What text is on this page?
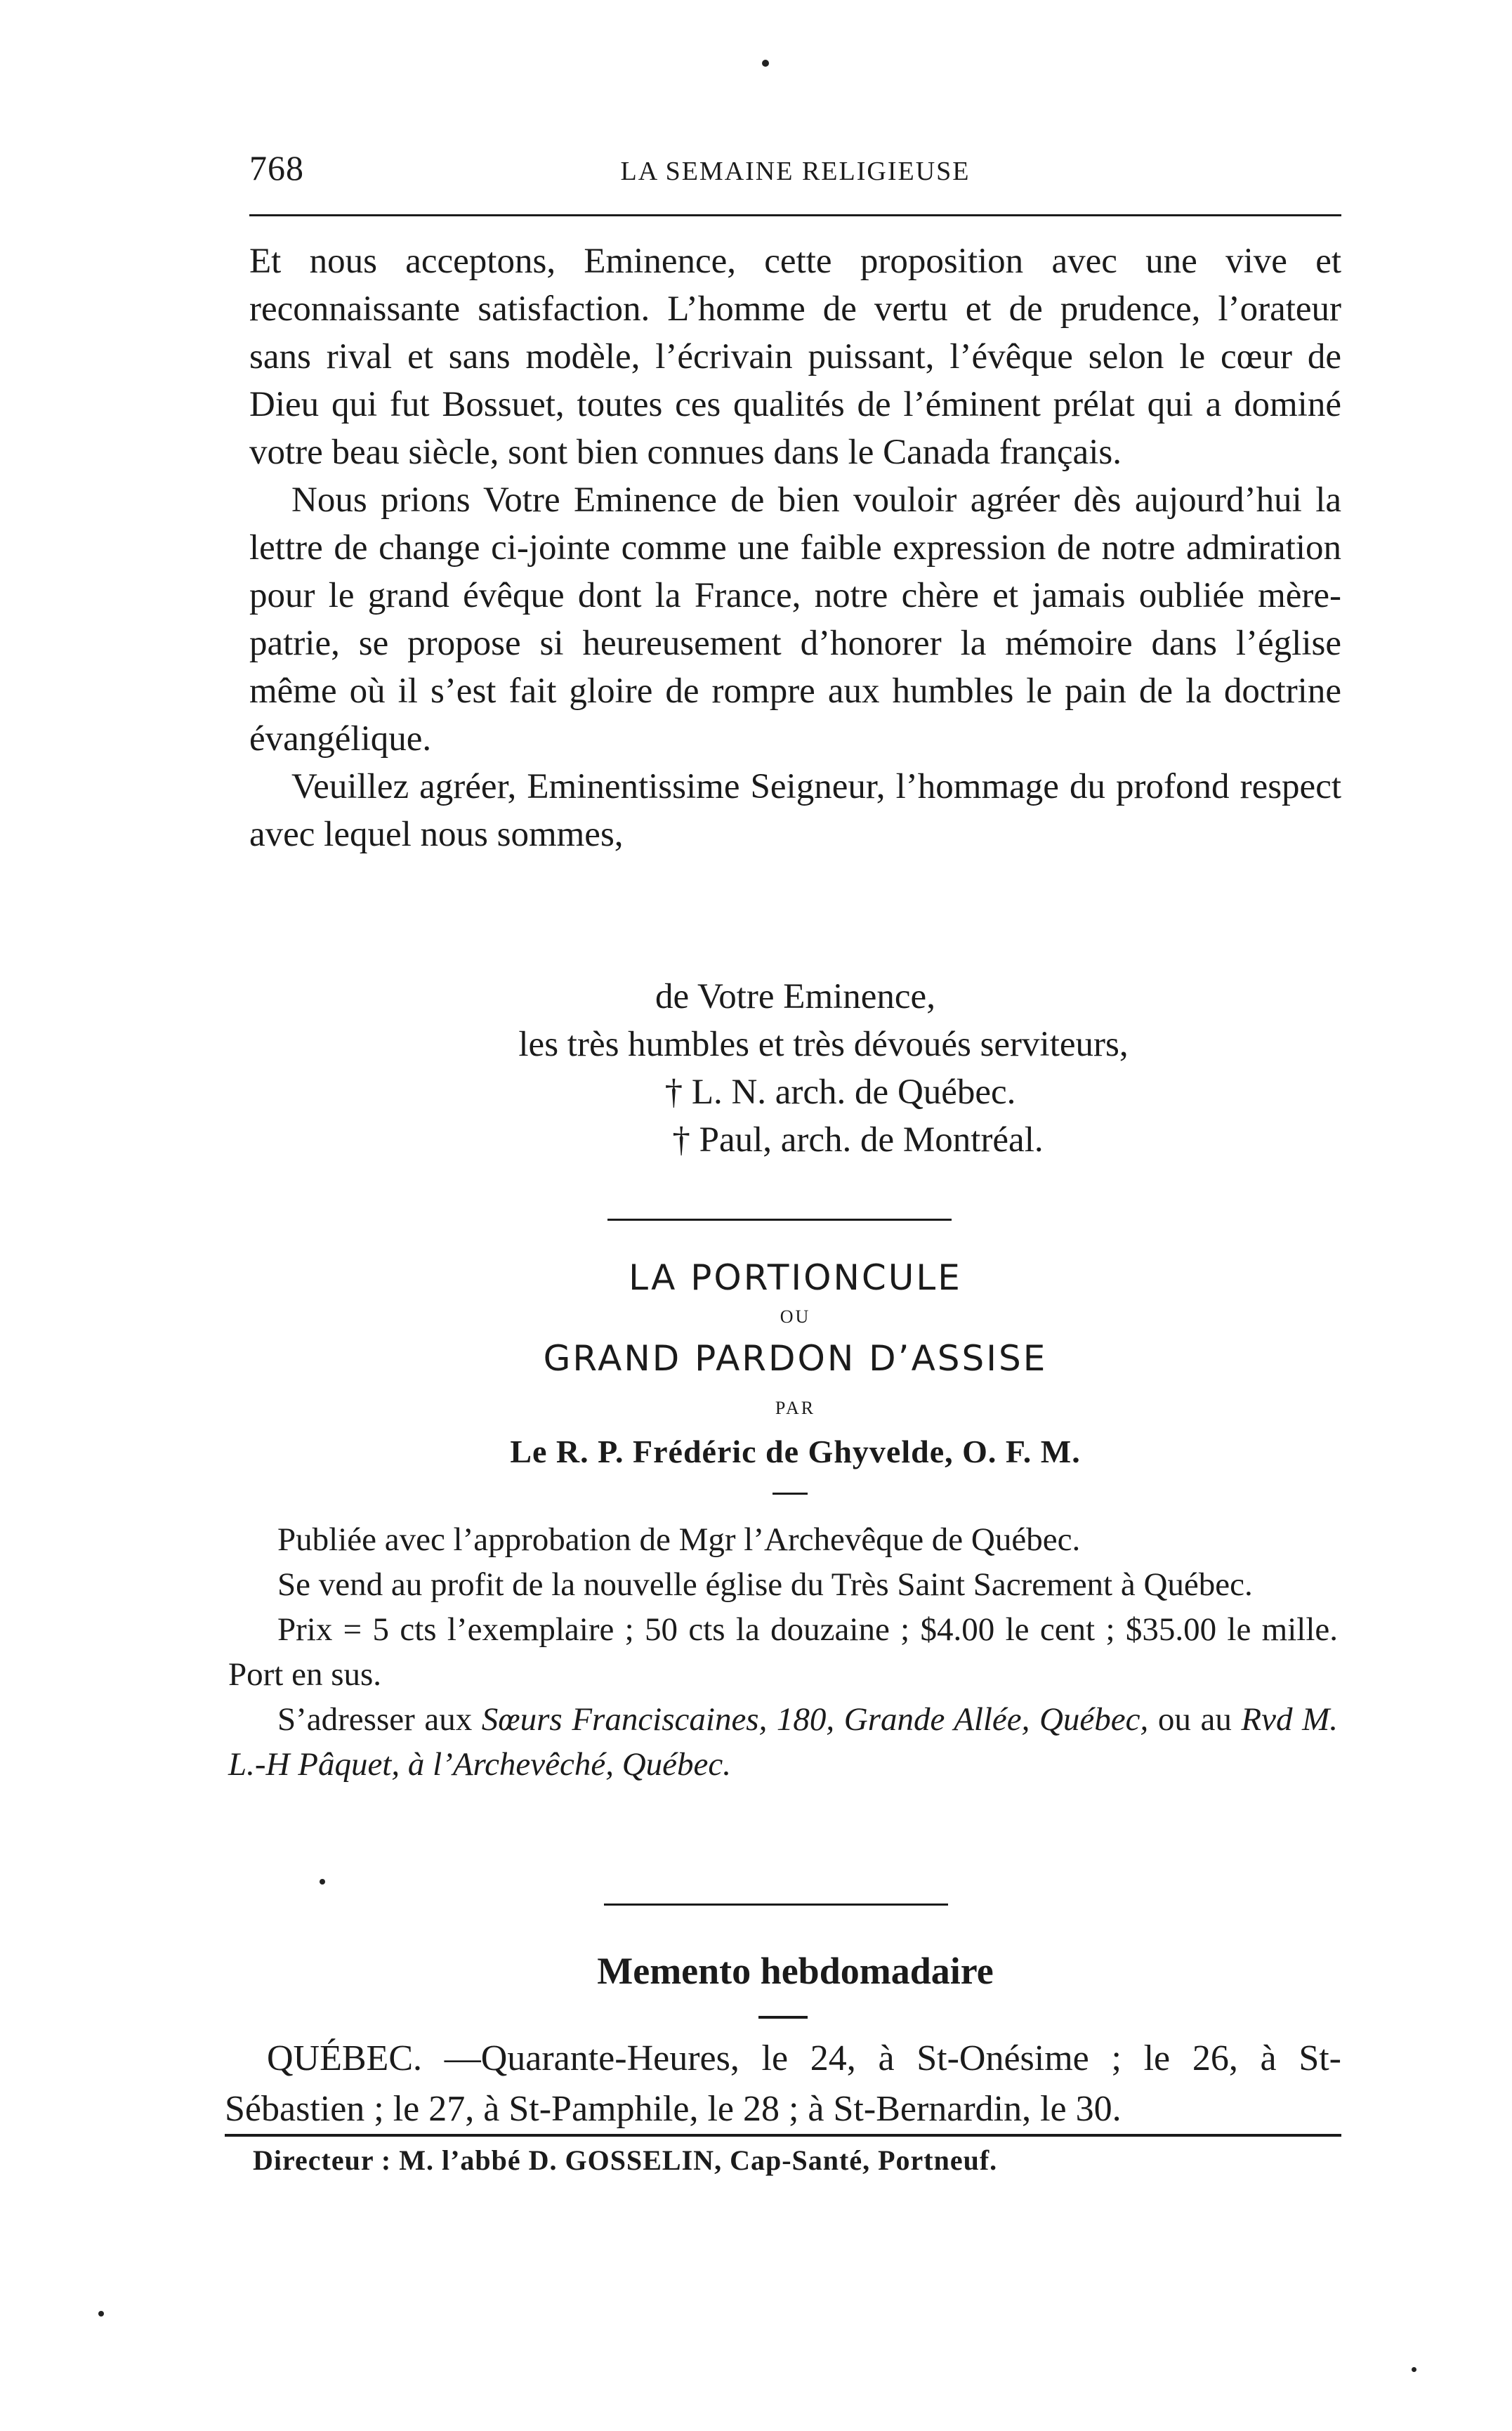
768	LA SEMAINE RELIGIEUSE

Et nous acceptons, Eminence, cette proposition avec une vive et reconnaissante satisfaction. L’homme de vertu et de prudence, l’orateur sans rival et sans modèle, l’écrivain puissant, l’évêque selon le cœur de Dieu qui fut Bossuet, toutes ces qualités de l’éminent prélat qui a dominé votre beau siècle, sont bien connues dans le Canada français.

Nous prions Votre Eminence de bien vouloir agréer dès aujourd’hui la lettre de change ci-jointe comme une faible expression de notre admiration pour le grand évêque dont la France, notre chère et jamais oubliée mère-patrie, se propose si heureusement d’honorer la mémoire dans l’église même où il s’est fait gloire de rompre aux humbles le pain de la doctrine évangélique.

Veuillez agréer, Eminentissime Seigneur, l’hommage du profond respect avec lequel nous sommes,

de Votre Eminence,
les très humbles et très dévoués serviteurs,
† L. N. arch. de Québec.
† Paul, arch. de Montréal.
LA PORTIONCULE
OU
GRAND PARDON D’ASSISE
PAR
Le R. P. Frédéric de Ghyvelde, O. F. M.

Publiée avec l’approbation de Mgr l’Archevêque de Québec.

Se vend au profit de la nouvelle église du Très Saint Sacrement à Québec.

Prix = 5 cts l’exemplaire ; 50 cts la douzaine ; $4.00 le cent ; $35.00 le mille. Port en sus.

S’adresser aux Sœurs Franciscaines, 180, Grande Allée, Québec, ou au Rvd M. L.-H Pâquet, à l’Archevêché, Québec.

Memento hebdomadaire

QUÉBEC. —Quarante-Heures, le 24, à St-Onésime ; le 26, à St-Sébastien ; le 27, à St-Pamphile, le 28 ; à St-Bernardin, le 30.

Directeur : M. l’abbé D. GOSSELIN, Cap-Santé, Portneuf.
